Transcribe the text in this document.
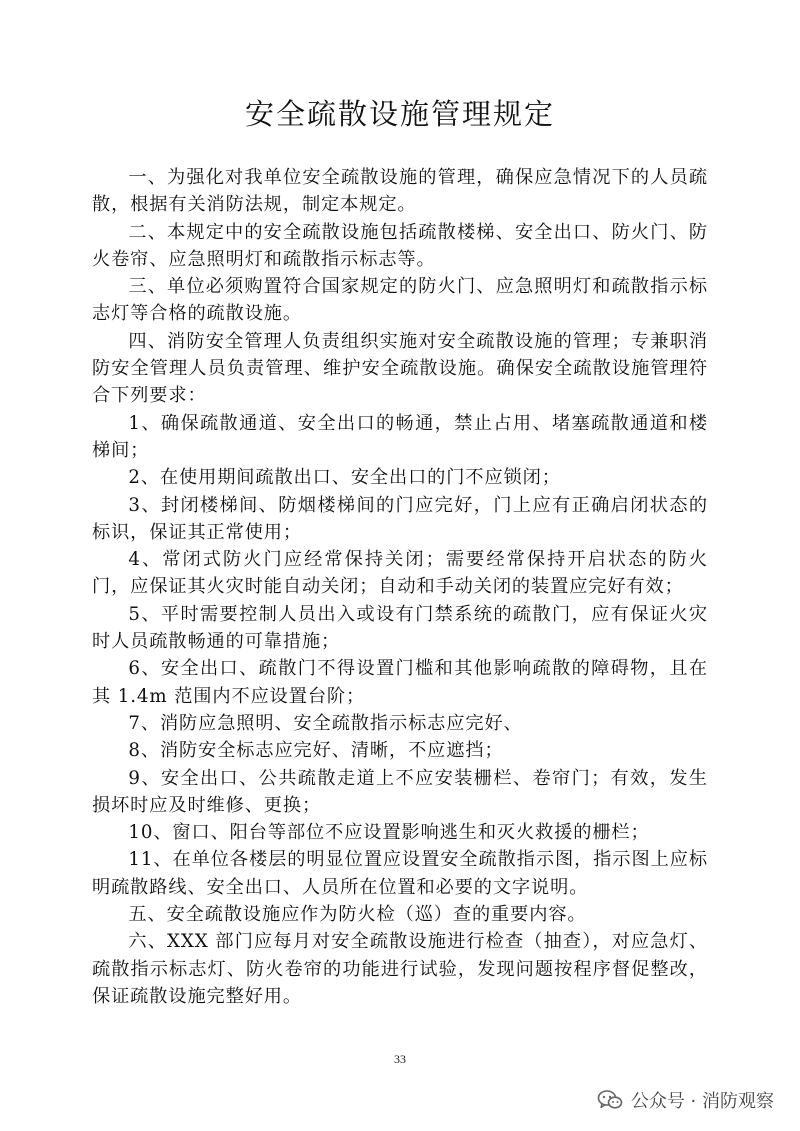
安全疏散设施管理规定

一、为强化对我单位安全疏散设施的管理，确保应急情况下的人员疏散，根据有关消防法规，制定本规定。

二、本规定中的安全疏散设施包括疏散楼梯、安全出口、防火门、防火卷帘、应急照明灯和疏散指示标志等。

三、单位必须购置符合国家规定的防火门、应急照明灯和疏散指示标志灯等合格的疏散设施。

四、消防安全管理人负责组织实施对安全疏散设施的管理；专兼职消防安全管理人员负责管理、维护安全疏散设施。确保安全疏散设施管理符合下列要求：

1、确保疏散通道、安全出口的畅通，禁止占用、堵塞疏散通道和楼梯间；

2、在使用期间疏散出口、安全出口的门不应锁闭；

3、封闭楼梯间、防烟楼梯间的门应完好，门上应有正确启闭状态的标识，保证其正常使用；

4、常闭式防火门应经常保持关闭；需要经常保持开启状态的防火门，应保证其火灾时能自动关闭；自动和手动关闭的装置应完好有效；

5、平时需要控制人员出入或设有门禁系统的疏散门，应有保证火灾时人员疏散畅通的可靠措施；

6、安全出口、疏散门不得设置门槛和其他影响疏散的障碍物，且在其 1.4m 范围内不应设置台阶；

7、消防应急照明、安全疏散指示标志应完好、

8、消防安全标志应完好、清晰，不应遮挡；

9、安全出口、公共疏散走道上不应安装栅栏、卷帘门；有效，发生损坏时应及时维修、更换；

10、窗口、阳台等部位不应设置影响逃生和灭火救援的栅栏；

11、在单位各楼层的明显位置应设置安全疏散指示图，指示图上应标明疏散路线、安全出口、人员所在位置和必要的文字说明。

五、安全疏散设施应作为防火检（巡）查的重要内容。

六、XXX 部门应每月对安全疏散设施进行检查（抽查），对应急灯、疏散指示标志灯、防火卷帘的功能进行试验，发现问题按程序督促整改，保证疏散设施完整好用。

33
公众号 · 消防观察
